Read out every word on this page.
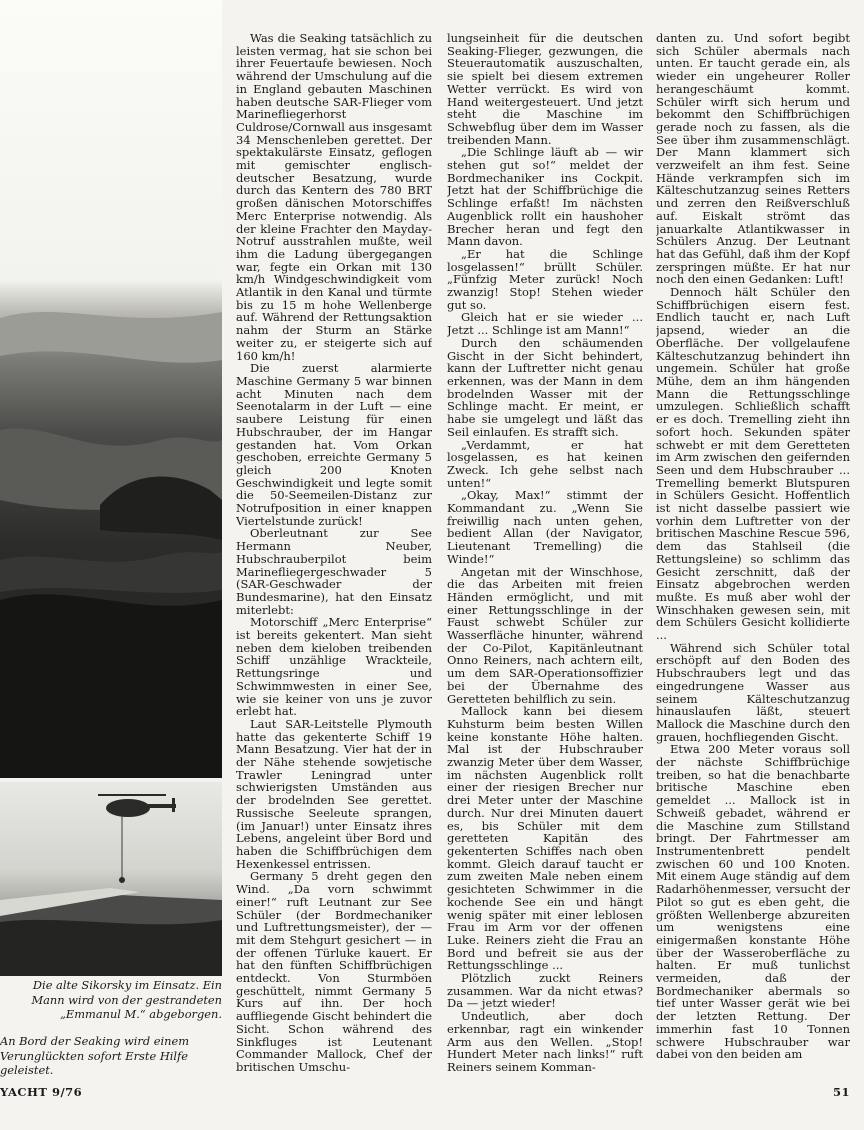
Die alte Sikorsky im Einsatz. Ein Mann wird von der gestrandeten „Emmanul M.“ abgeborgen.
An Bord der Seaking wird einem Verunglückten sofort Erste Hilfe geleistet.

Was die Seaking tatsächlich zu leisten vermag, hat sie schon bei ihrer Feuertaufe bewiesen. Noch während der Umschulung auf die in England gebauten Maschinen haben deutsche SAR-Flieger vom Marinefliegerhorst Culdrose/Cornwall aus insgesamt 34 Menschenleben gerettet. Der spektakulärste Einsatz, geflogen mit gemischter englisch-deutscher Besatzung, wurde durch das Kentern des 780 BRT großen dänischen Motorschiffes Merc Enterprise notwendig. Als der kleine Frachter den Mayday-Notruf ausstrahlen mußte, weil ihm die Ladung übergegangen war, fegte ein Orkan mit 130 km/h Windgeschwindigkeit vom Atlantik in den Kanal und türmte bis zu 15 m hohe Wellenberge auf. Während der Rettungsaktion nahm der Sturm an Stärke weiter zu, er steigerte sich auf 160 km/h!

Die zuerst alarmierte Maschine Germany 5 war binnen acht Minuten nach dem Seenotalarm in der Luft — eine saubere Leistung für einen Hubschrauber, der im Hangar gestanden hat. Vom Orkan geschoben, erreichte Germany 5 gleich 200 Knoten Geschwindigkeit und legte somit die 50-Seemeilen-Distanz zur Notrufposition in einer knappen Viertelstunde zurück!

Oberleutnant zur See Hermann Neuber, Hubschrauberpilot beim Marinefliegergeschwader 5 (SAR-Geschwader der Bundesmarine), hat den Einsatz miterlebt:

Motorschiff „Merc Enterprise“ ist bereits gekentert. Man sieht neben dem kieloben treibenden Schiff unzählige Wrackteile, Rettungsringe und Schwimmwesten in einer See, wie sie keiner von uns je zuvor erlebt hat.

Laut SAR-Leitstelle Plymouth hatte das gekenterte Schiff 19 Mann Besatzung. Vier hat der in der Nähe stehende sowjetische Trawler Leningrad unter schwierigsten Umständen aus der brodelnden See gerettet. Russische Seeleute sprangen, (im Januar!) unter Einsatz ihres Lebens, angeleint über Bord und haben die Schiffbrüchigen dem Hexenkessel entrissen.

Germany 5 dreht gegen den Wind. „Da vorn schwimmt einer!“ ruft Leutnant zur See Schüler (der Bordmechaniker und Luftrettungsmeister), der — mit dem Stehgurt gesichert — in der offenen Türluke kauert. Er hat den fünften Schiffbrüchigen entdeckt. Von Sturmböen geschüttelt, nimmt Germany 5 Kurs auf ihn. Der hoch auffliegende Gischt behindert die Sicht. Schon während des Sinkfluges ist Leutenant Commander Mallock, Chef der britischen Umschu-

lungseinheit für die deutschen Seaking-Flieger, gezwungen, die Steuerautomatik auszuschalten, sie spielt bei diesem extremen Wetter verrückt. Es wird von Hand weitergesteuert. Und jetzt steht die Maschine im Schwebflug über dem im Wasser treibenden Mann.

„Die Schlinge läuft ab — wir stehen gut so!“ meldet der Bordmechaniker ins Cockpit. Jetzt hat der Schiffbrüchige die Schlinge erfaßt! Im nächsten Augenblick rollt ein haushoher Brecher heran und fegt den Mann davon.

„Er hat die Schlinge losgelassen!“ brüllt Schüler. „Fünfzig Meter zurück! Noch zwanzig! Stop! Stehen wieder gut so.

Gleich hat er sie wieder ... Jetzt ... Schlinge ist am Mann!“

Durch den schäumenden Gischt in der Sicht behindert, kann der Luftretter nicht genau erkennen, was der Mann in dem brodelnden Wasser mit der Schlinge macht. Er meint, er habe sie umgelegt und läßt das Seil einlaufen. Es strafft sich.

„Verdammt, er hat losgelassen, es hat keinen Zweck. Ich gehe selbst nach unten!“

„Okay, Max!“ stimmt der Kommandant zu. „Wenn Sie freiwillig nach unten gehen, bedient Allan (der Navigator, Lieutenant Tremelling) die Winde!“

Angetan mit der Winschhose, die das Arbeiten mit freien Händen ermöglicht, und mit einer Rettungsschlinge in der Faust schwebt Schüler zur Wasserfläche hinunter, während der Co-Pilot, Kapitänleutnant Onno Reiners, nach achtern eilt, um dem SAR-Operationsoffizier bei der Übernahme des Geretteten behilflich zu sein.

Mallock kann bei diesem Kuhsturm beim besten Willen keine konstante Höhe halten. Mal ist der Hubschrauber zwanzig Meter über dem Wasser, im nächsten Augenblick rollt einer der riesigen Brecher nur drei Meter unter der Maschine durch. Nur drei Minuten dauert es, bis Schüler mit dem geretteten Kapitän des gekenterten Schiffes nach oben kommt. Gleich darauf taucht er zum zweiten Male neben einem gesichteten Schwimmer in die kochende See ein und hängt wenig später mit einer leblosen Frau im Arm vor der offenen Luke. Reiners zieht die Frau an Bord und befreit sie aus der Rettungsschlinge ...

Plötzlich zuckt Reiners zusammen. War da nicht etwas? Da — jetzt wieder!

Undeutlich, aber doch erkennbar, ragt ein winkender Arm aus den Wellen. „Stop! Hundert Meter nach links!“ ruft Reiners seinem Komman-

danten zu. Und sofort begibt sich Schüler abermals nach unten. Er taucht gerade ein, als wieder ein ungeheurer Roller herangeschäumt kommt. Schüler wirft sich herum und bekommt den Schiffbrüchigen gerade noch zu fassen, als die See über ihm zusammenschlägt. Der Mann klammert sich verzweifelt an ihm fest. Seine Hände verkrampfen sich im Kälteschutzanzug seines Retters und zerren den Reißverschluß auf. Eiskalt strömt das januarkalte Atlantikwasser in Schülers Anzug. Der Leutnant hat das Gefühl, daß ihm der Kopf zerspringen müßte. Er hat nur noch den einen Gedanken: Luft!

Dennoch hält Schüler den Schiffbrüchigen eisern fest. Endlich taucht er, nach Luft japsend, wieder an die Oberfläche. Der vollgelaufene Kälteschutzanzug behindert ihn ungemein. Schüler hat große Mühe, dem an ihm hängenden Mann die Rettungsschlinge umzulegen. Schließlich schafft er es doch. Tremelling zieht ihn sofort hoch. Sekunden später schwebt er mit dem Geretteten im Arm zwischen den geifernden Seen und dem Hubschrauber ... Tremelling bemerkt Blutspuren in Schülers Gesicht. Hoffentlich ist nicht dasselbe passiert wie vorhin dem Luftretter von der britischen Maschine Rescue 596, dem das Stahlseil (die Rettungsleine) so schlimm das Gesicht zerschnitt, daß der Einsatz abgebrochen werden mußte. Es muß aber wohl der Winschhaken gewesen sein, mit dem Schülers Gesicht kollidierte ...

Während sich Schüler total erschöpft auf den Boden des Hubschraubers legt und das eingedrungene Wasser aus seinem Kälteschutzanzug hinauslaufen läßt, steuert Mallock die Maschine durch den grauen, hochfliegenden Gischt.

Etwa 200 Meter voraus soll der nächste Schiffbrüchige treiben, so hat die benachbarte britische Maschine eben gemeldet ... Mallock ist in Schweiß gebadet, während er die Maschine zum Stillstand bringt. Der Fahrtmesser am Instrumentenbrett pendelt zwischen 60 und 100 Knoten. Mit einem Auge ständig auf dem Radarhöhenmesser, versucht der Pilot so gut es eben geht, die größten Wellenberge abzureiten um wenigstens eine einigermaßen konstante Höhe über der Wasseroberfläche zu halten. Er muß tunlichst vermeiden, daß der Bordmechaniker abermals so tief unter Wasser gerät wie bei der letzten Rettung. Der immerhin fast 10 Tonnen schwere Hubschrauber war dabei von den beiden am

YACHT 9/76	51
